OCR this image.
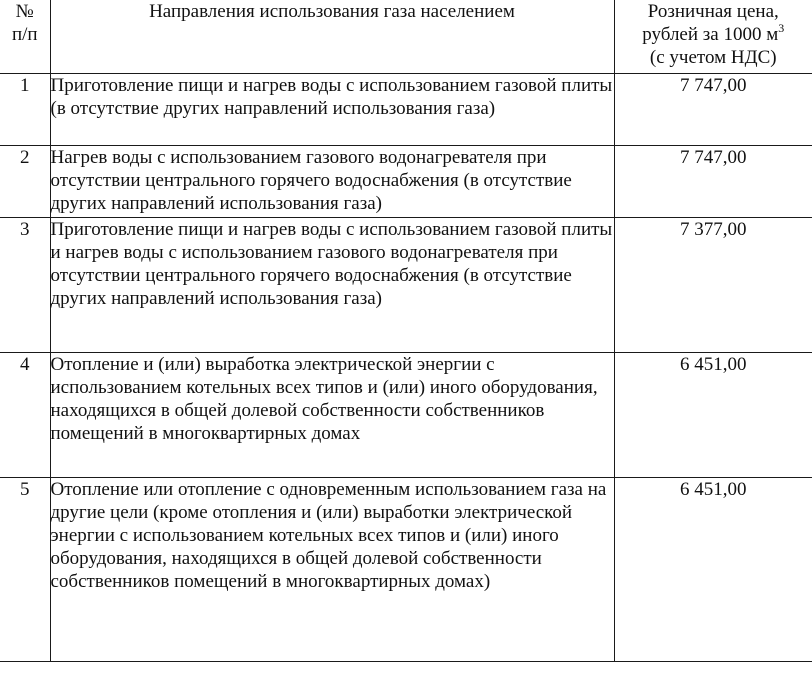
№
п/п	Направления использования газа населением	Розничная цена,
рублей за 1000 $м^3$
(с учетом НДС)

1	Приготовление пищи и нагрев воды с использованием газовой плиты (в отсутствие других направлений использования газа)	7 747,00
2	Нагрев воды с использованием газового водонагревателя при отсутствии центрального горячего водоснабжения (в отсутствие других направлений использования газа)	7 747,00
3	Приготовление пищи и нагрев воды с использованием газовой плиты и нагрев воды с использованием газового водонагревателя при отсутствии центрального горячего водоснабжения (в отсутствие других направлений использования газа)	7 377,00
4	Отопление и (или) выработка электрической энергии с использованием котельных всех типов и (или) иного оборудования, находящихся в общей долевой собственности собственников помещений в многоквартирных домах	6 451,00
5	Отопление или отопление с одновременным использованием газа на другие цели (кроме отопления и (или) выработки электрической энергии с использованием котельных всех типов и (или) иного оборудования, находящихся в общей долевой собственности собственников помещений в многоквартирных домах)	6 451,00
